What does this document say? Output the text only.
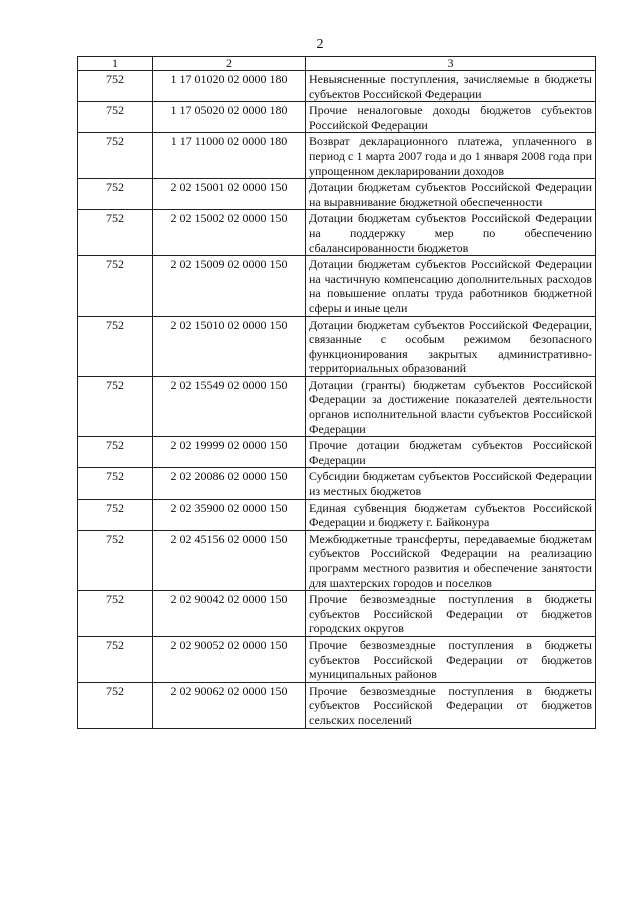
2
1	2	3
752	1 17 01020 02 0000 180	Невыясненные поступления, зачисляемые в бюджеты субъектов Российской Федерации
752	1 17 05020 02 0000 180	Прочие неналоговые доходы бюджетов субъектов Российской Федерации
752	1 17 11000 02 0000 180	Возврат декларационного платежа, уплаченного в период с 1 марта 2007 года и до 1 января 2008 года при упрощенном декларировании доходов
752	2 02 15001 02 0000 150	Дотации бюджетам субъектов Российской Федерации на выравнивание бюджетной обеспеченности
752	2 02 15002 02 0000 150	Дотации бюджетам субъектов Российской Федерации на поддержку мер по обеспечению сбалансированности бюджетов
752	2 02 15009 02 0000 150	Дотации бюджетам субъектов Российской Федерации на частичную компенсацию дополнительных расходов на повышение оплаты труда работников бюджетной сферы и иные цели
752	2 02 15010 02 0000 150	Дотации бюджетам субъектов Российской Федерации, связанные с особым режимом безопасного функционирования закрытых административно-территориальных образований
752	2 02 15549 02 0000 150	Дотации (гранты) бюджетам субъектов Российской Федерации за достижение показателей деятельности органов исполнительной власти субъектов Российской Федерации
752	2 02 19999 02 0000 150	Прочие дотации бюджетам субъектов Российской Федерации
752	2 02 20086 02 0000 150	Субсидии бюджетам субъектов Российской Федерации из местных бюджетов
752	2 02 35900 02 0000 150	Единая субвенция бюджетам субъектов Российской Федерации и бюджету г. Байконура
752	2 02 45156 02 0000 150	Межбюджетные трансферты, передаваемые бюджетам субъектов Российской Федерации на реализацию программ местного развития и обеспечение занятости для шахтерских городов и поселков
752	2 02 90042 02 0000 150	Прочие безвозмездные поступления в бюджеты субъектов Российской Федерации от бюджетов городских округов
752	2 02 90052 02 0000 150	Прочие безвозмездные поступления в бюджеты субъектов Российской Федерации от бюджетов муниципальных районов
752	2 02 90062 02 0000 150	Прочие безвозмездные поступления в бюджеты субъектов Российской Федерации от бюджетов сельских поселений
